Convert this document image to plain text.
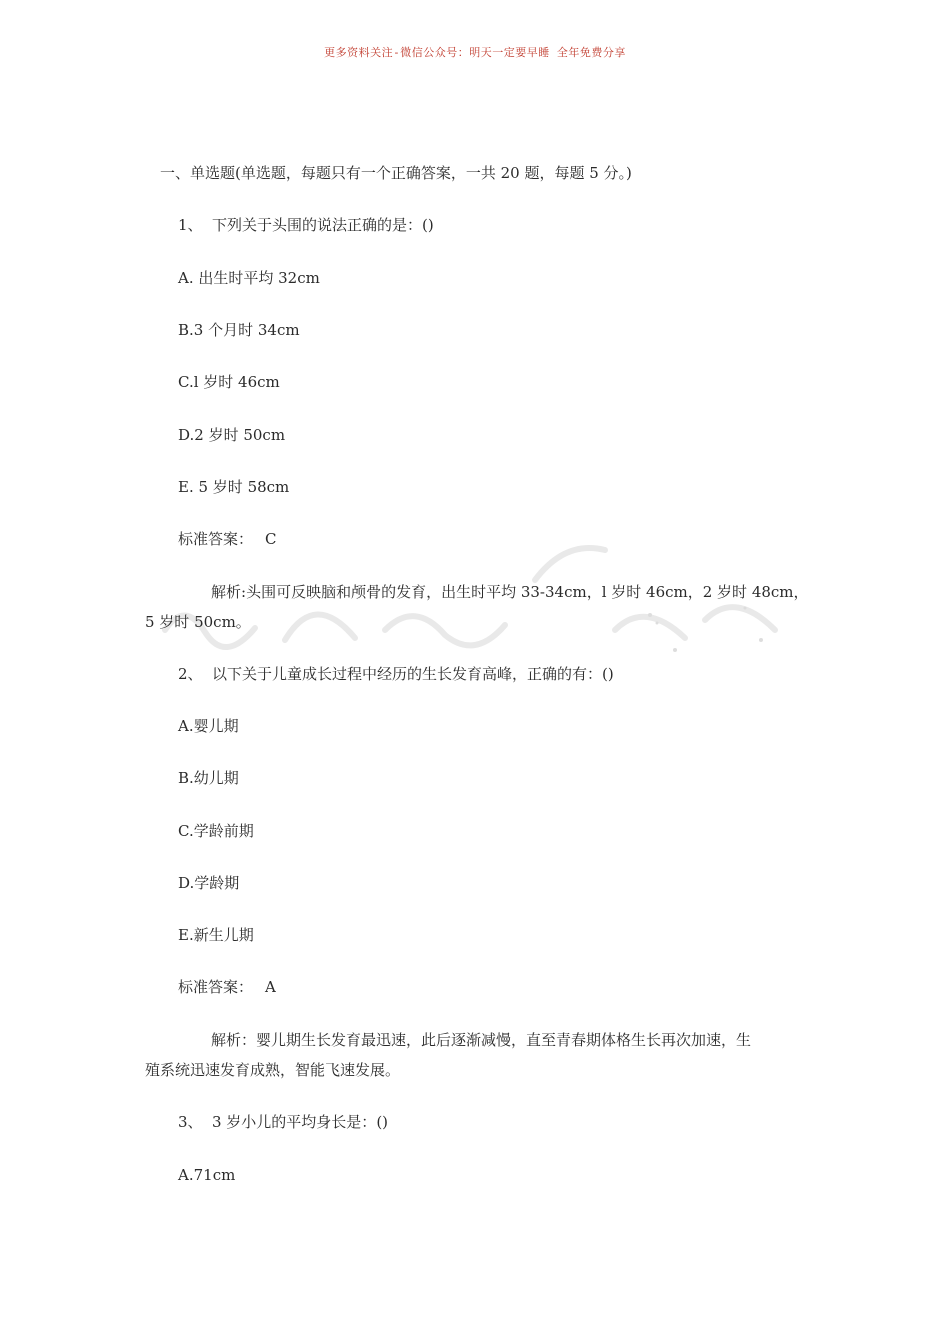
更多资料关注-微信公众号：明天一定要早睡 全年免费分享
一、单选题(单选题，每题只有一个正确答案，一共 20 题，每题 5 分。)
1、 下列关于头围的说法正确的是：()
A. 出生时平均 32cm
B.3 个月时 34cm
C.l 岁时 46cm
D.2 岁时 50cm
E. 5 岁时 58cm
标准答案： C
解析:头围可反映脑和颅骨的发育，出生时平均 33-34cm，l 岁时 46cm，2 岁时 48cm，
5 岁时 50cm。
2、 以下关于儿童成长过程中经历的生长发育高峰，正确的有：()
A.婴儿期
B.幼儿期
C.学龄前期
D.学龄期
E.新生儿期
标准答案： A
解析：婴儿期生长发育最迅速，此后逐渐减慢，直至青春期体格生长再次加速，生
殖系统迅速发育成熟，智能飞速发展。
3、 3 岁小儿的平均身长是：()
A.71cm
